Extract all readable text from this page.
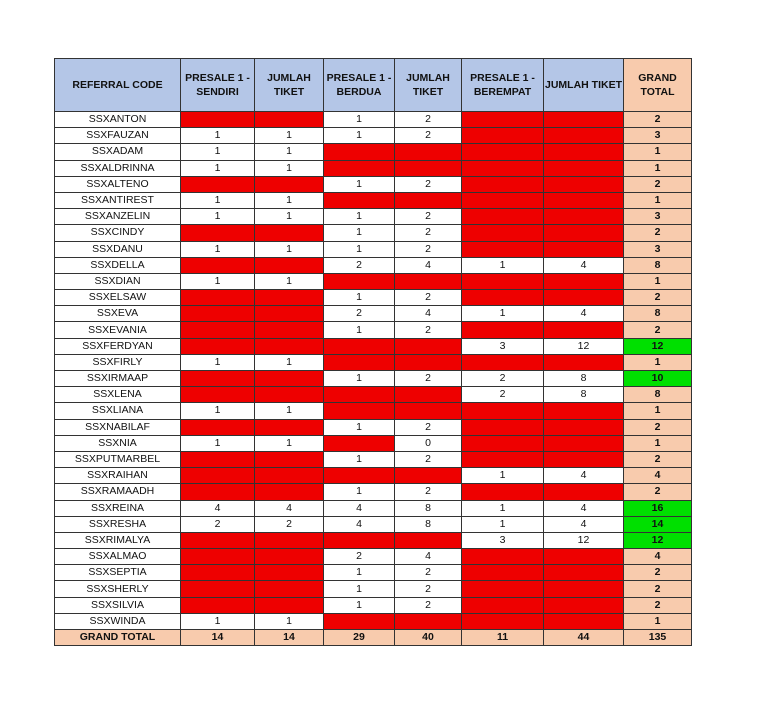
REFERRAL CODE	PRESALE 1 - SENDIRI	JUMLAH TIKET	PRESALE 1 - BERDUA	JUMLAH TIKET	PRESALE 1 - BEREMPAT	JUMLAH TIKET	GRAND TOTAL
SSXANTON			1	2			2
SSXFAUZAN	1	1	1	2			3
SSXADAM	1	1					1
SSXALDRINNA	1	1					1
SSXALTENO			1	2			2
SSXANTIREST	1	1					1
SSXANZELIN	1	1	1	2			3
SSXCINDY			1	2			2
SSXDANU	1	1	1	2			3
SSXDELLA			2	4	1	4	8
SSXDIAN	1	1					1
SSXELSAW			1	2			2
SSXEVA			2	4	1	4	8
SSXEVANIA			1	2			2
SSXFERDYAN					3	12	12
SSXFIRLY	1	1					1
SSXIRMAAP			1	2	2	8	10
SSXLENA					2	8	8
SSXLIANA	1	1					1
SSXNABILAF			1	2			2
SSXNIA	1	1		0			1
SSXPUTMARBEL			1	2			2
SSXRAIHAN					1	4	4
SSXRAMAADH			1	2			2
SSXREINA	4	4	4	8	1	4	16
SSXRESHA	2	2	4	8	1	4	14
SSXRIMALYA					3	12	12
SSXALMAO			2	4			4
SSXSEPTIA			1	2			2
SSXSHERLY			1	2			2
SSXSILVIA			1	2			2
SSXWINDA	1	1					1
GRAND TOTAL	14	14	29	40	11	44	135
